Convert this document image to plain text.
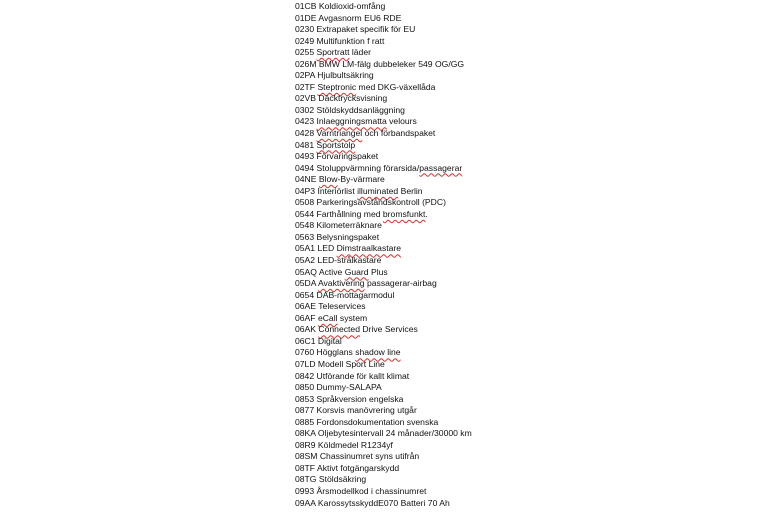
01CB Koldioxid-omfång
01DE Avgasnorm EU6 RDE
0230 Extrapaket specifik för EU
0249 Multifunktion f ratt
0255 Sportratt läder
026M BMW LM-fälg dubbeleker 549 OG/GG
02PA Hjulbultsäkring
02TF Steptronic med DKG-växellåda
02VB Däcktrycksvisning
0302 Stöldskyddsanläggning
0423 Inlaeggningsmatta velours
0428 Varntriangel och förbandspaket
0481 Sportstolp
0493 Förvaringspaket
0494 Stoluppvärmning förarsida/passagerar
04NE Blow-By-värmare
04P3 Interiörlist illuminated Berlin
0508 Parkeringsavståndskontroll (PDC)
0544 Farthållning med bromsfunkt.
0548 Kilometerräknare
0563 Belysningspaket
05A1 LED Dimstraalkastare
05A2 LED-strålkastare
05AQ Active Guard Plus
05DA Avaktivering passagerar-airbag
0654 DAB-mottagarmodul
06AE Teleservices
06AF eCall system
06AK Connected Drive Services
06C1 Digital
0760 Högglans shadow line
07LD Modell Sport Line
0842 Utförande för kallt klimat
0850 Dummy-SALAPA
0853 Språkversion engelska
0877 Korsvis manövrering utgår
0885 Fordonsdokumentation svenska
08KA Oljebytesintervall 24 månader/30000 km
08R9 Köldmedel R1234yf
08SM Chassinumret syns utifrån
08TF Aktivt fotgängarskydd
08TG Stöldsäkring
0993 Årsmodellkod i chassinumret
09AA KarossytsskyddE070 Batteri 70 Ah
